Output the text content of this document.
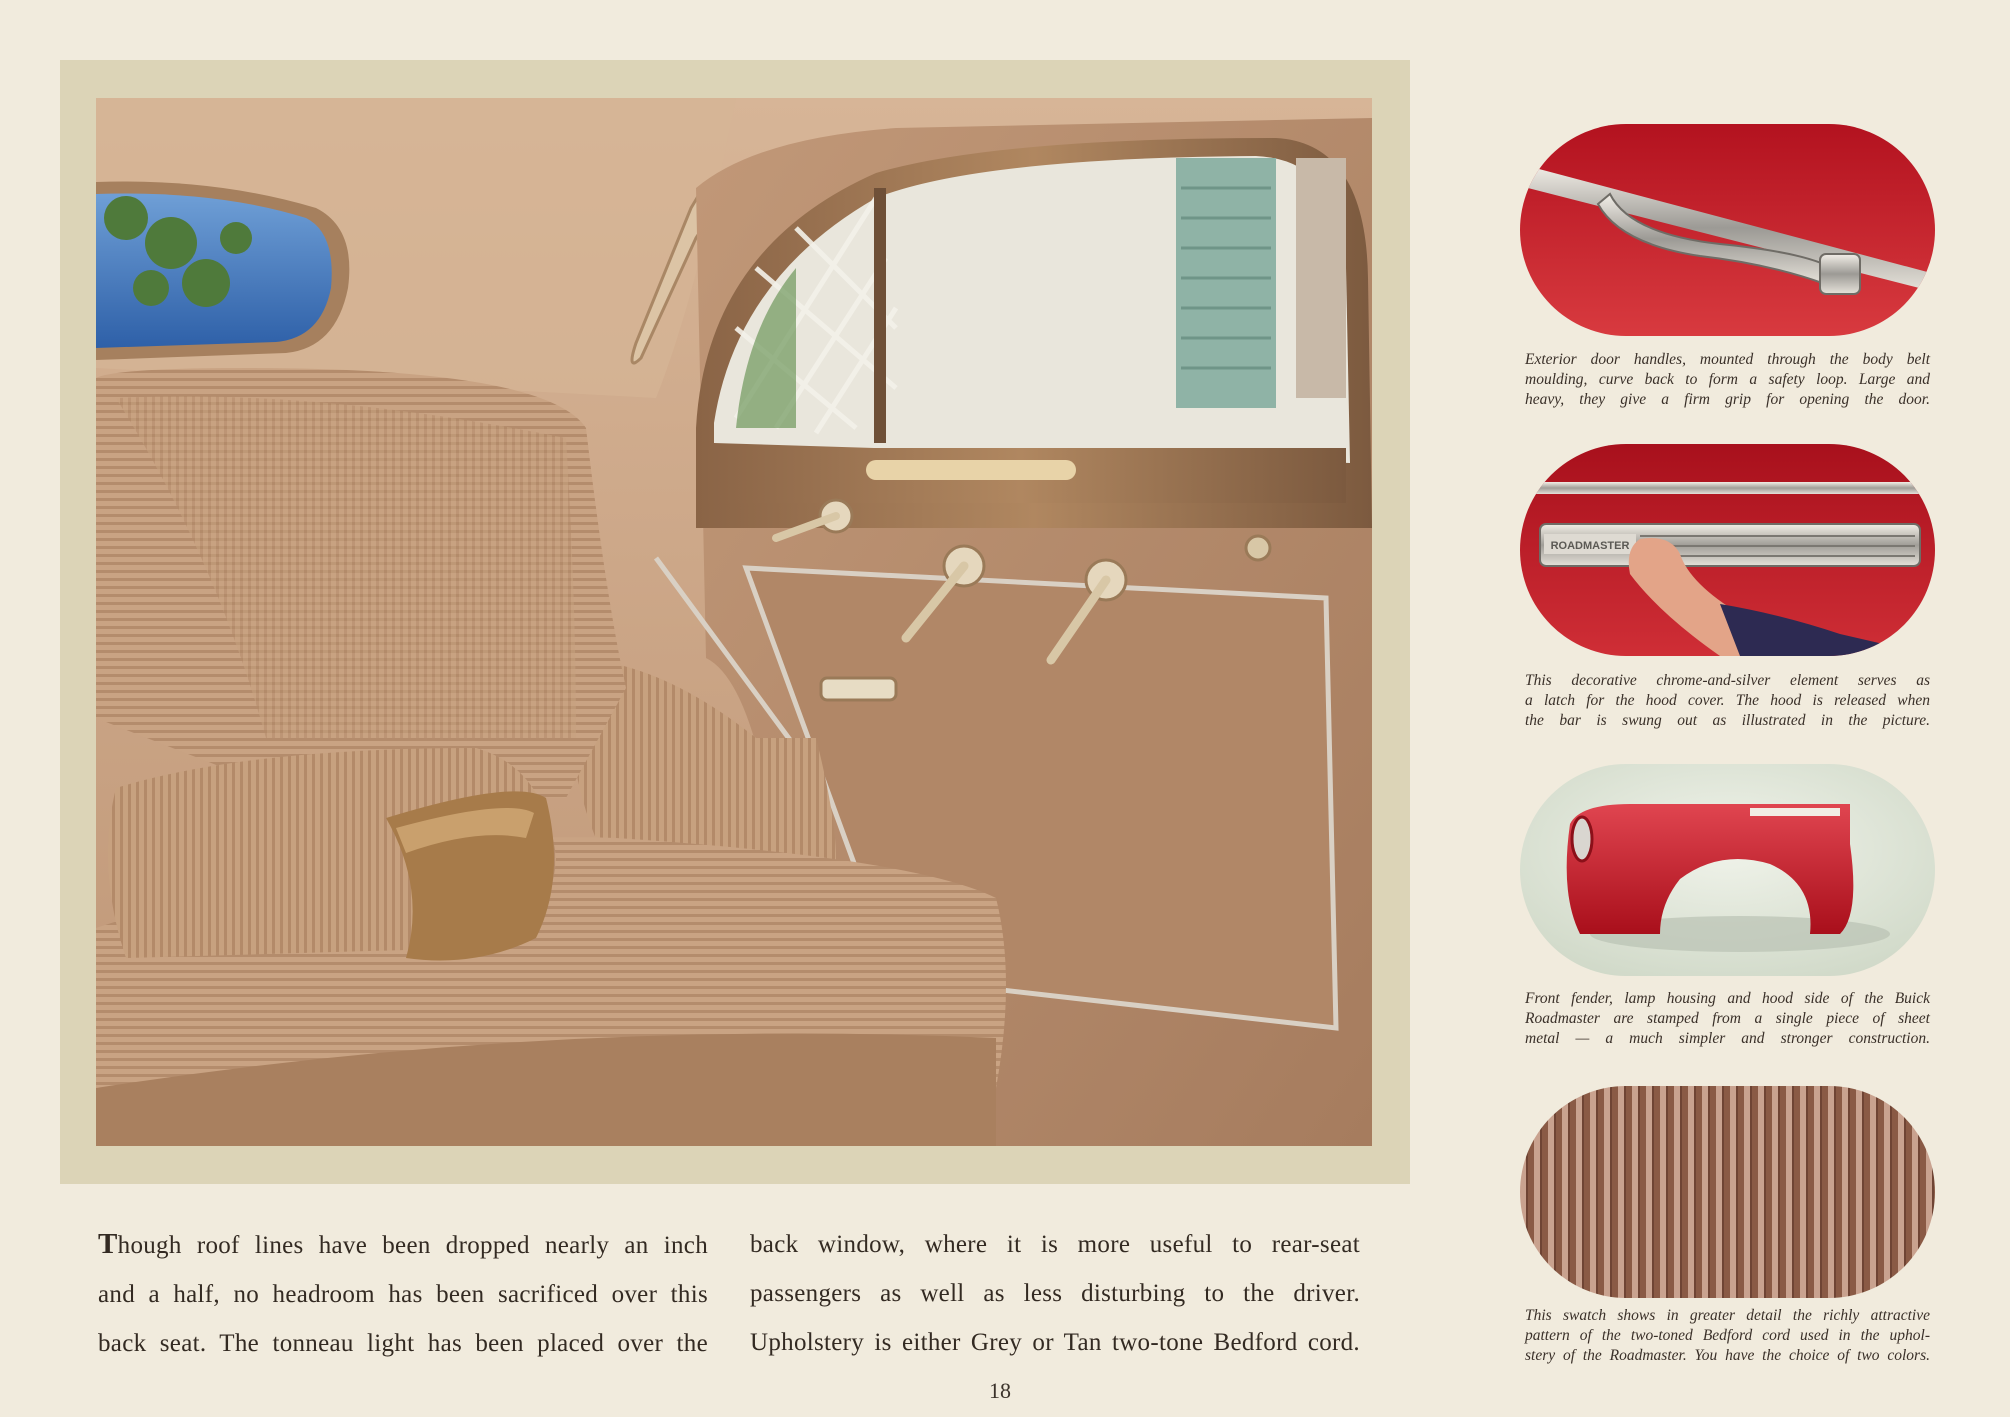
Though roof lines have been dropped nearly an inch
and a half, no headroom has been sacrificed over this
back seat. The tonneau light has been placed over the
back window, where it is more useful to rear-seat
passengers as well as less disturbing to the driver.
Upholstery is either Grey or Tan two-tone Bedford cord.
18
Exterior door handles, mounted through the body belt
moulding, curve back to form a safety loop. Large and
heavy, they give a firm grip for opening the door.
ROADMASTER
This decorative chrome-and-silver element serves as
a latch for the hood cover. The hood is released when
the bar is swung out as illustrated in the picture.
Front fender, lamp housing and hood side of the Buick
Roadmaster are stamped from a single piece of sheet
metal — a much simpler and stronger construction.
This swatch shows in greater detail the richly attractive
pattern of the two-toned Bedford cord used in the uphol-
stery of the Roadmaster. You have the choice of two colors.
